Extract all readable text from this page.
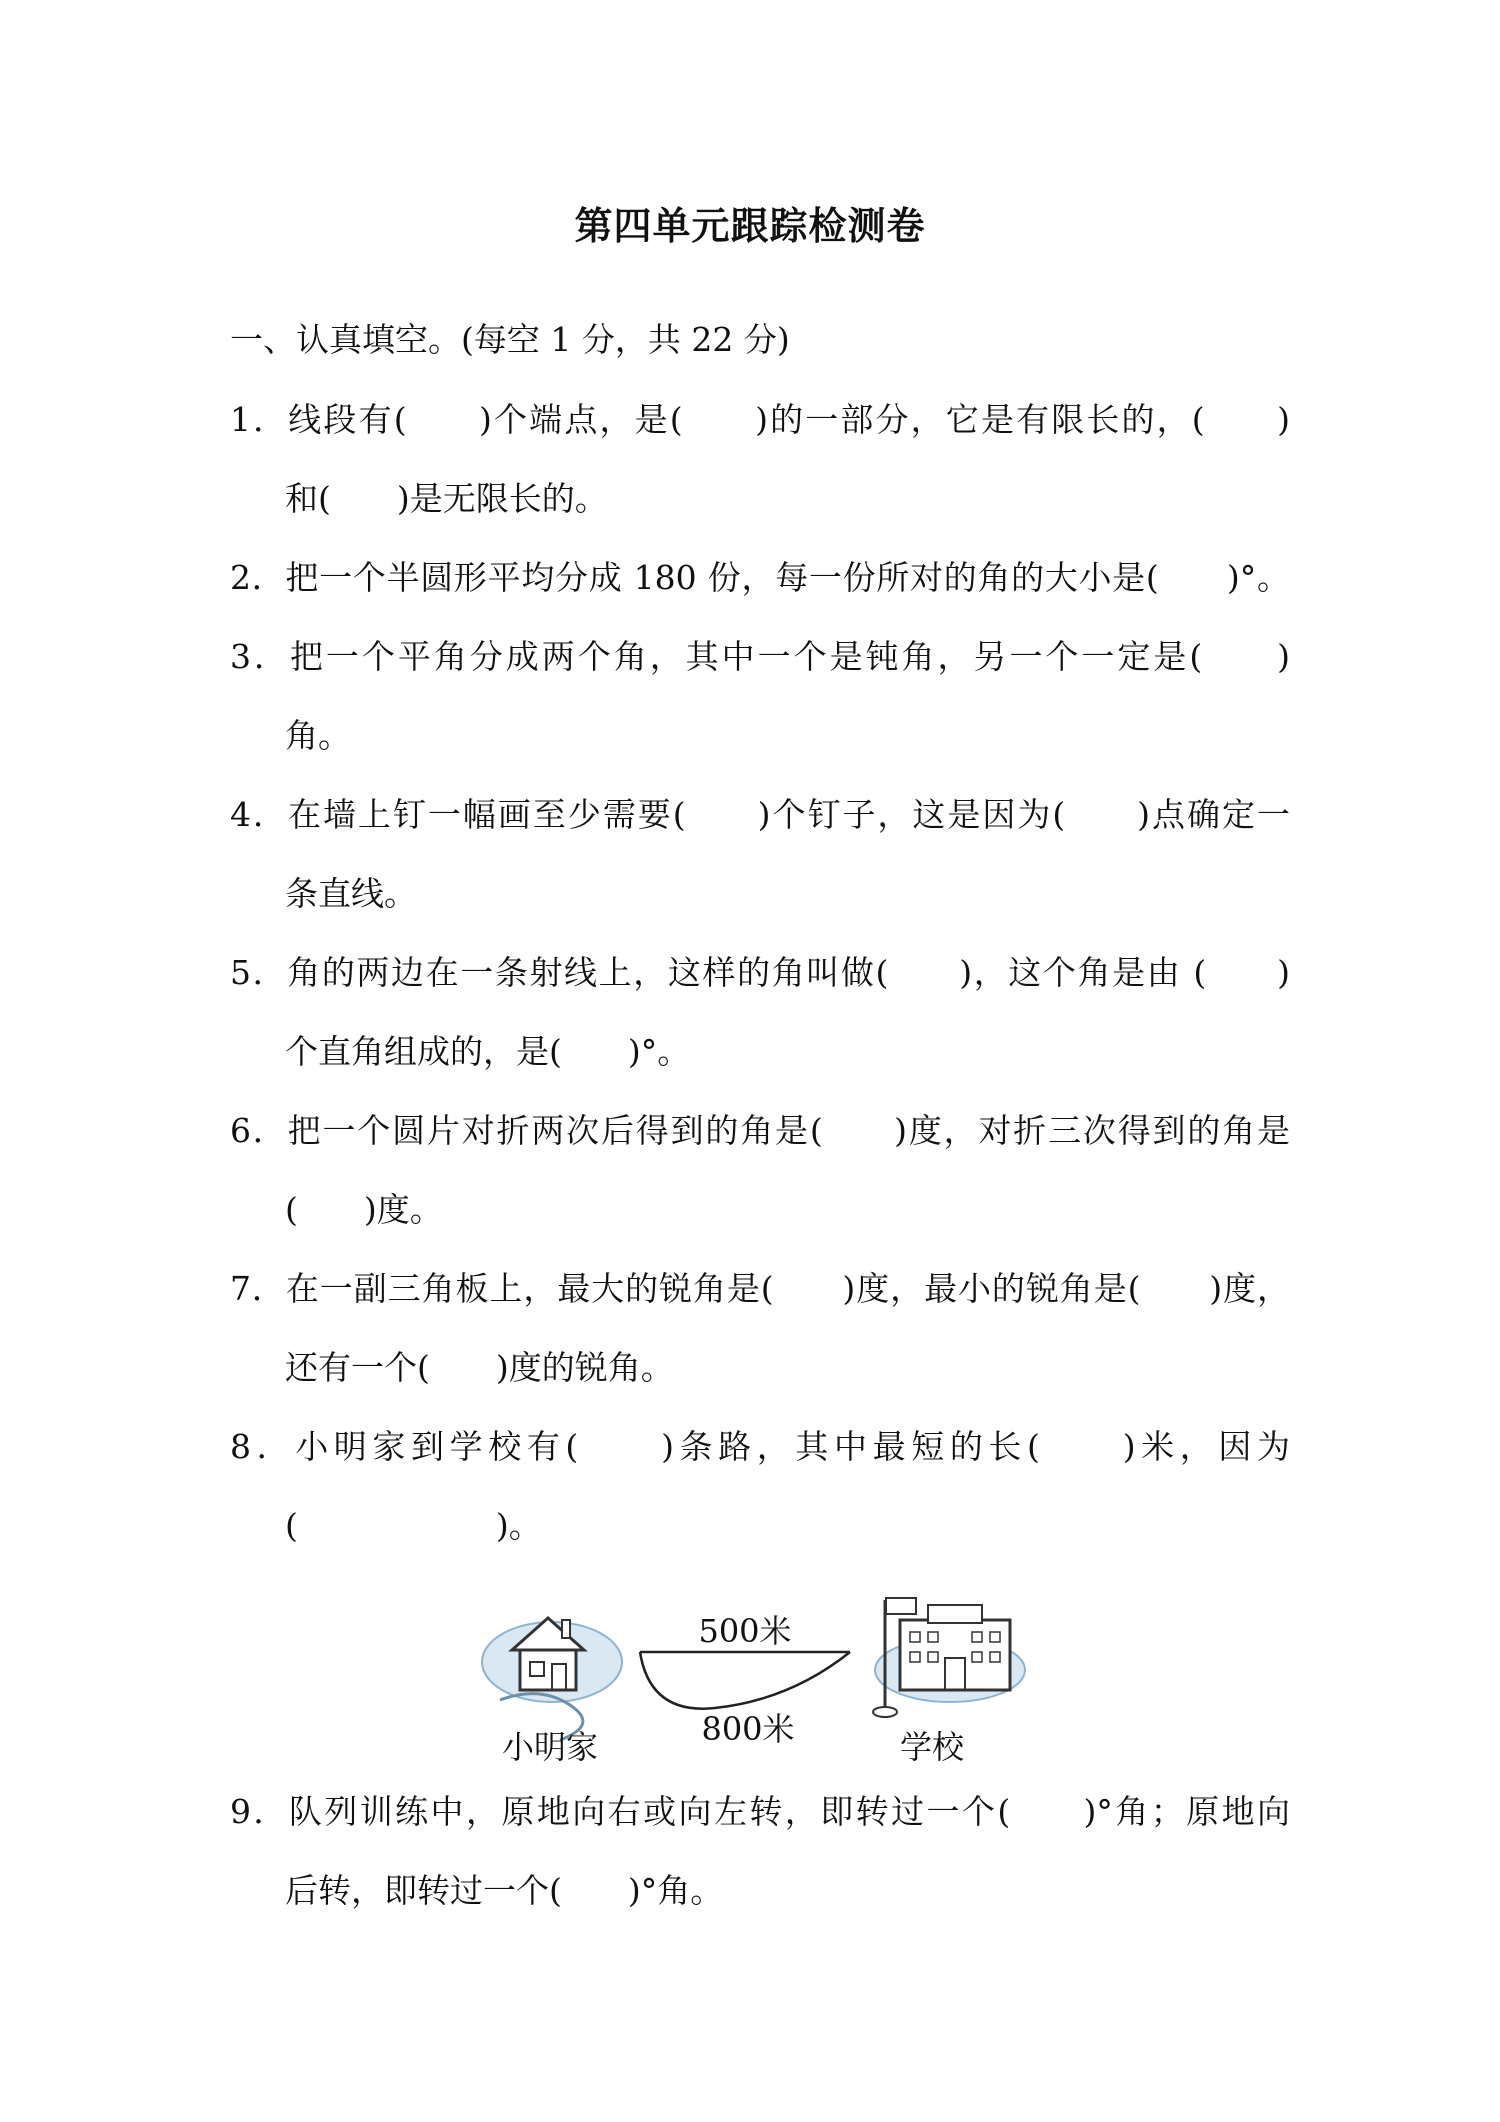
第四单元跟踪检测卷
一、认真填空。(每空 1 分，共 22 分)
1．线段有(　　)个端点，是(　　)的一部分，它是有限长的，(　　)
和(　　)是无限长的。
2．把一个半圆形平均分成 180 份，每一份所对的角的大小是(　　)°。
3．把一个平角分成两个角，其中一个是钝角，另一个一定是(　　)
角。
4．在墙上钉一幅画至少需要(　　)个钉子，这是因为(　　)点确定一
条直线。
5．角的两边在一条射线上，这样的角叫做(　　)，这个角是由 (　　)
个直角组成的，是(　　)°。
6．把一个圆片对折两次后得到的角是(　　)度，对折三次得到的角是
(　　)度。
7．在一副三角板上，最大的锐角是(　　)度，最小的锐角是(　　)度，
还有一个(　　)度的锐角。
8．小明家到学校有(　　)条路，其中最短的长(　　)米，因为
(　　　　　　)。
500米
800米
小明家	学校
9．队列训练中，原地向右或向左转，即转过一个(　　)°角；原地向
后转，即转过一个(　　)°角。
